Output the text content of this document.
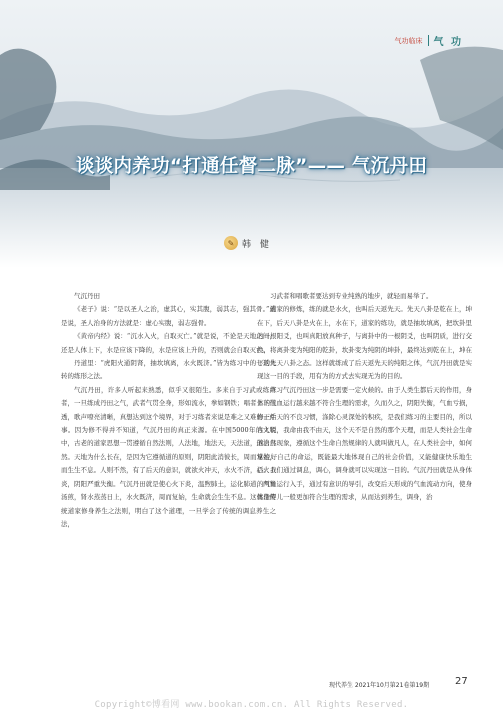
气功临床 气 功
谈谈内养功“打通任督二脉”—— 气沉丹田
✎ 韩 健

气沉丹田

《老子》说：“是以圣人之治，虚其心，实其腹，弱其志，强其骨。”就是说，圣人治身的方法就是：虚心实腹，弱志强骨。

《黄帝内经》说：“沉水入火，自取灭亡。”就是说，不论是天地之间，还是人体上下，水是应该下降的，水是应该上升的，否则就会自取灭亡。

丹道里：“虎阳火通阴肾，抽坎填离，水火既济。”皆为练习中的七返九转的练形之法。

气沉丹田，许多人听起来熟悉，似乎又很陌生。多来自于习武或练声者，一旦练成丹田之气，武者气贯全身，形如流水，拳如钢铁；唱者上下通透，歌声嘹亮清晰，真想达到这个境界，对于习练者来说是难之又难的一件事。因为修不得并不知道，气沉丹田的真正来源。在中国5000年的文明中，古老的道家思想一贯遵循自然法则，人法地，地法天，天法道，道法自然。天地为什么长在，是因为它遵循道的原则，阴阳此消彼长，周而复始，而生生不息。人则不然，有了后天的意识，就欲火冲天，水火不济，心火上炎，阴阳严重失衡。气沉丹田就是使心火下炎，温煦肺土，运化肺道，两肾汤煎，肾水蒸蒸日上，水火既济，周而复始，生命就会生生不息。这就是传统道家修身养生之法则，明白了这个道理，一旦学会了传统的调息养生之法，

习武者和唱歌者要达到专业纯熟的地步，就轻而易举了。

道家的修炼，练的就是水火，也叫后天返先天。先天八卦是乾在上，坤在下，后天八卦是火在上，水在下，道家的练功，就是抽坎填离，把坎卦里的一根阳爻，也叫真阳放真种子，与离卦中的一根阴爻，也叫阴质，进行交换，将离卦变为纯阳的乾卦，坎卦变为纯阴的坤卦，最终达到乾在上，坤在下的先天八卦之态。这样就练成了后天返先天的纯阳之体，气沉丹田就是实现这一目的手段，用有为的方式去实现无为的目的。

练习气沉丹田这一步是需要一定火候的。由于人类生都后天的作用，身体的气血运行越来越不符合生理的需求，久而久之，阴阳失衡，气血亏损，修正后天的不良习惯，涤除心灵深处的积疾，是我们练习的主要目的，所以古人说，我命由我不由天，这个天不是自然的那个天理，而是人类社会生命的自然现象，遵循这个生命自然规律的人就叫做凡人，在人类社会中，如何掌控好自己的命运，既能最大地体现自己的社会价值，又能健康快乐地生活。我们通过调息，调心，调身就可以实现这一目的。气沉丹田就是从身体的气血运行入手，通过有意识的导引，改变后天形成的气血流动方向，使身体像婴儿一般更加符合生理的需求，从而达到养生，调身，治

现代养生 2021年10月第21卷第19期	27
Copyright©博看网 www.bookan.com.cn. All Rights Reserved.
